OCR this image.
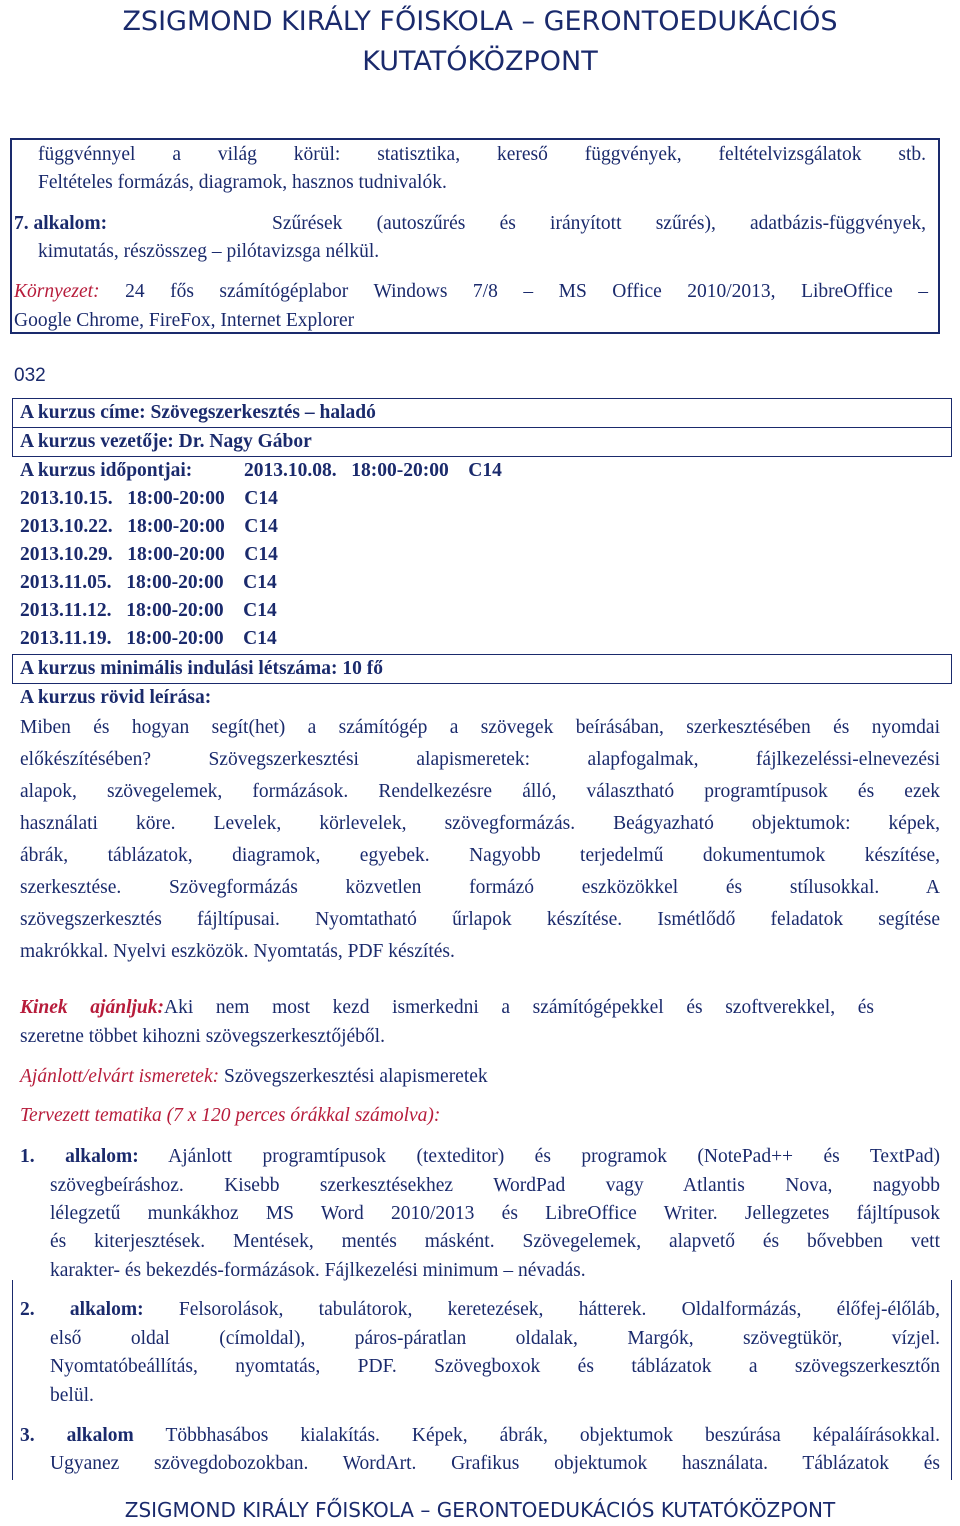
ZSIGMOND KIRÁLY FŐISKOLA – GERONTOEDUKÁCIÓS
KUTATÓKÖZPONT
függvénnyel a világ körül: statisztika, kereső függvények, feltételvizsgálatok stb.
Feltételes formázás, diagramok, hasznos tudnivalók.
7. alkalom:	Szűrések (autoszűrés és irányított szűrés), adatbázis-függvények,
kimutatás, részösszeg – pilótavizsga nélkül.
Környezet: 24 fős számítógéplabor Windows 7/8 – MS Office 2010/2013, LibreOffice –
Google Chrome, FireFox, Internet Explorer
032
A kurzus címe: Szövegszerkesztés – haladó
A kurzus vezetője: Dr. Nagy Gábor
A kurzus időpontjai:	2013.10.08. 18:00-20:00 C14
2013.10.15. 18:00-20:00 C14
2013.10.22. 18:00-20:00 C14
2013.10.29. 18:00-20:00 C14
2013.11.05. 18:00-20:00 C14
2013.11.12. 18:00-20:00 C14
2013.11.19. 18:00-20:00 C14
A kurzus minimális indulási létszáma: 10 fő
A kurzus rövid leírása:
Miben és hogyan segít(het) a számítógép a szövegek beírásában, szerkesztésében és nyomdai
előkészítésében? Szövegszerkesztési alapismeretek: alapfogalmak, fájlkezeléssi-elnevezési
alapok, szövegelemek, formázások. Rendelkezésre álló, választható programtípusok és ezek
használati köre. Levelek, körlevelek, szövegformázás. Beágyazható objektumok: képek,
ábrák, táblázatok, diagramok, egyebek. Nagyobb terjedelmű dokumentumok készítése,
szerkesztése. Szövegformázás közvetlen formázó eszközökkel és stílusokkal. A
szövegszerkesztés fájltípusai. Nyomtatható űrlapok készítése. Ismétlődő feladatok segítése
makrókkal. Nyelvi eszközök. Nyomtatás, PDF készítés.
Kinek ajánljuk:Aki nem most kezd ismerkedni a számítógépekkel és szoftverekkel, és
szeretne többet kihozni szövegszerkesztőjéből.
Ajánlott/elvárt ismeretek: Szövegszerkesztési alapismeretek
Tervezett tematika (7 x 120 perces órákkal számolva):
1. alkalom: Ajánlott programtípusok (texteditor) és programok (NotePad++ és TextPad)
szövegbeíráshoz. Kisebb szerkesztésekhez WordPad vagy Atlantis Nova, nagyobb
lélegzetű munkákhoz MS Word 2010/2013 és LibreOffice Writer. Jellegzetes fájltípusok
és kiterjesztések. Mentések, mentés másként. Szövegelemek, alapvető és bővebben vett
karakter- és bekezdés-formázások. Fájlkezelési minimum – névadás.
2. alkalom: Felsorolások, tabulátorok, keretezések, hátterek. Oldalformázás, élőfej-élőláb,
első oldal (címoldal), páros-páratlan oldalak, Margók, szövegtükör, vízjel.
Nyomtatóbeállítás, nyomtatás, PDF. Szövegboxok és táblázatok a szövegszerkesztőn
belül.
3. alkalom Többhasábos kialakítás. Képek, ábrák, objektumok beszúrása képaláírásokkal.
Ugyanez szövegdobozokban. WordArt. Grafikus objektumok használata. Táblázatok és
ZSIGMOND KIRÁLY FŐISKOLA – GERONTOEDUKÁCIÓS KUTATÓKÖZPONT
